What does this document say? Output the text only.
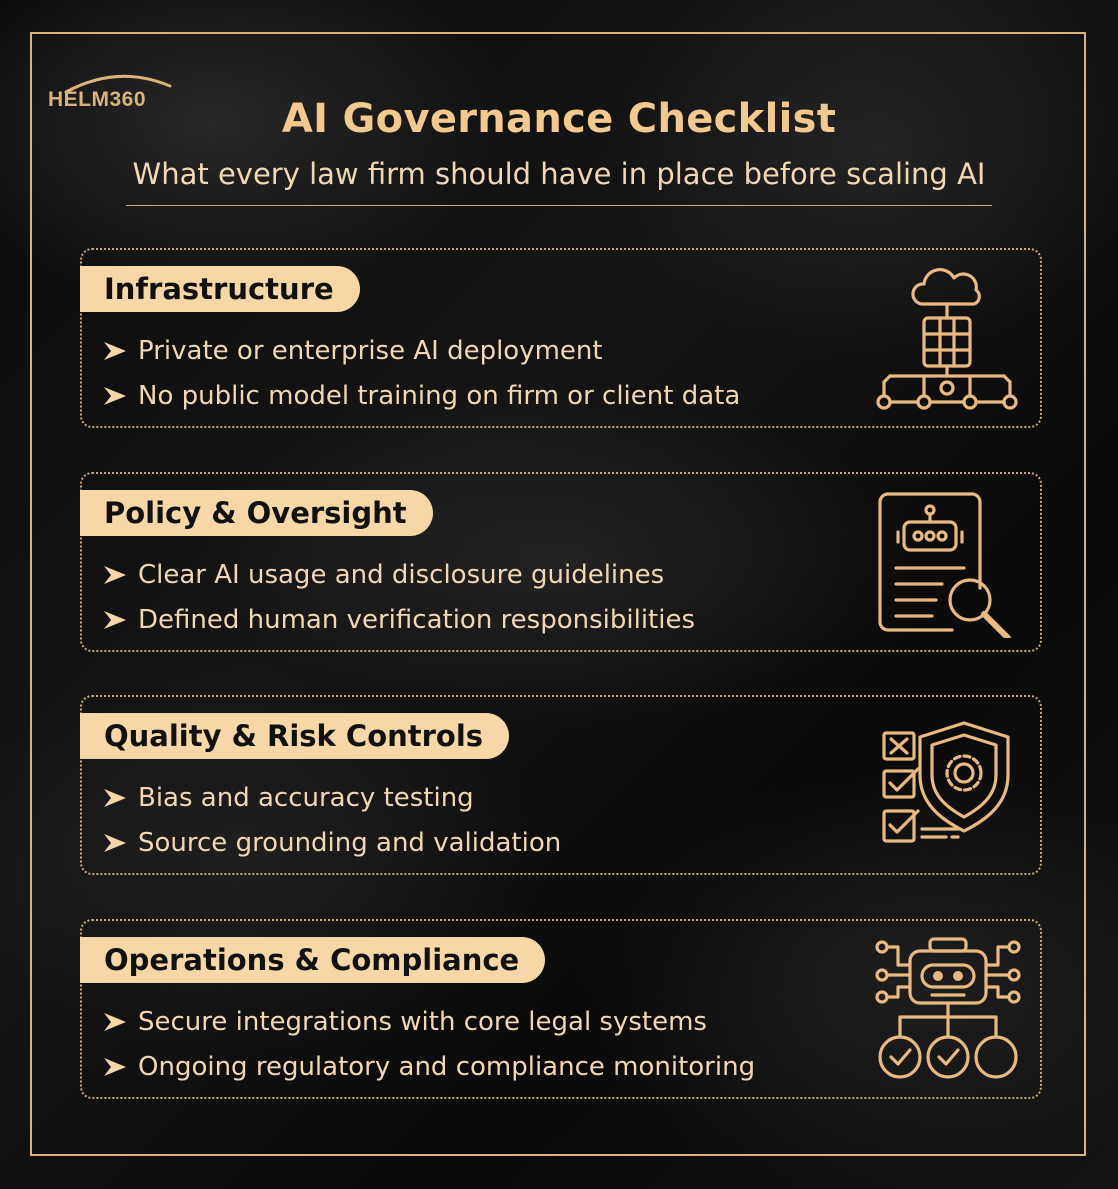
HELM360	AI Governance Checklist
What every law firm should have in place before scaling AI
Infrastructure
Private or enterprise AI deployment
No public model training on firm or client data
Policy & Oversight
Clear AI usage and disclosure guidelines
Defined human verification responsibilities
Quality & Risk Controls
Bias and accuracy testing
Source grounding and validation
Operations & Compliance
Secure integrations with core legal systems
Ongoing regulatory and compliance monitoring
